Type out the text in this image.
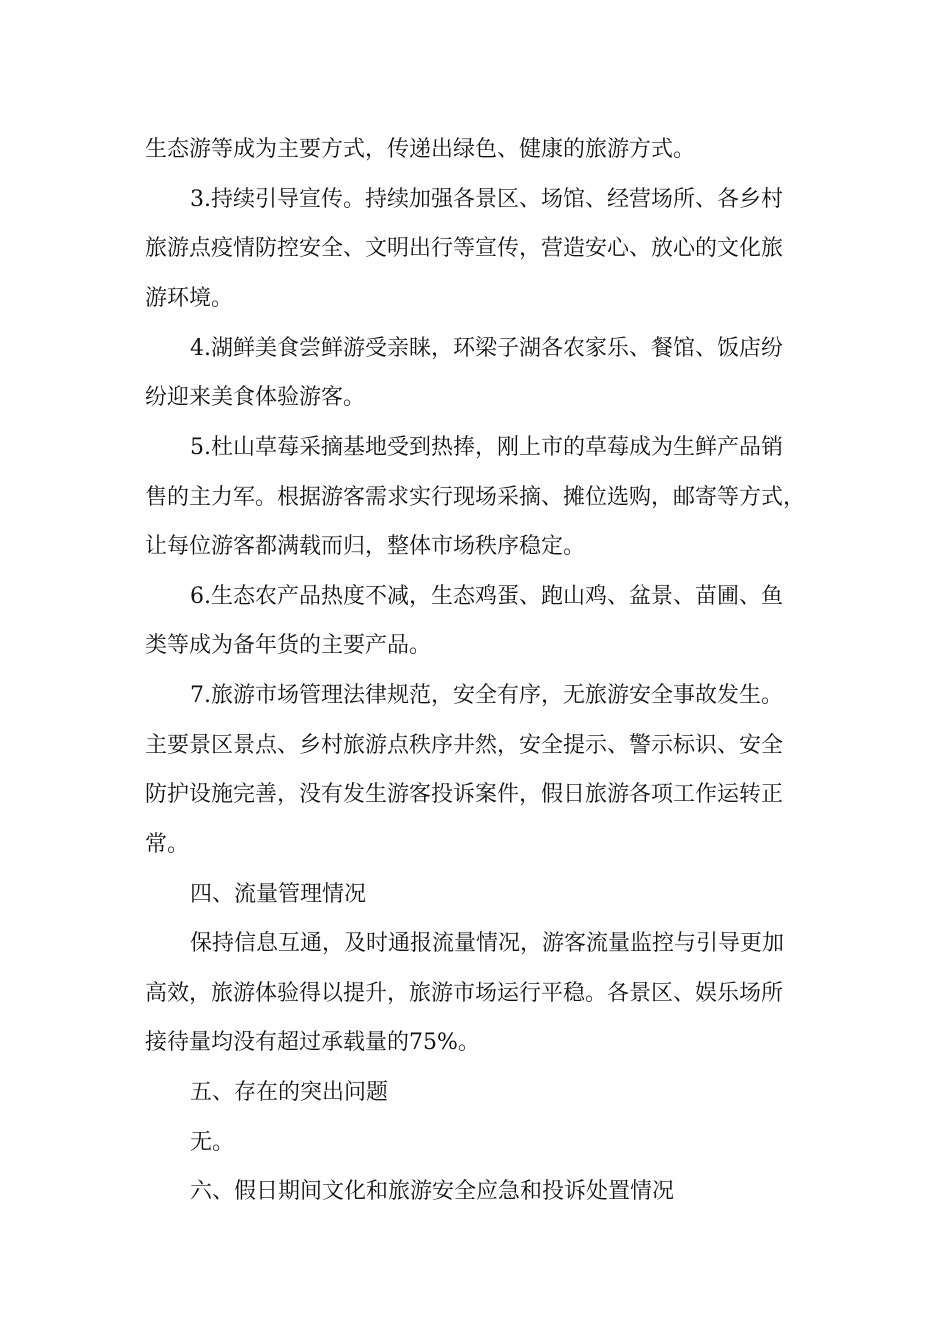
生态游等成为主要方式，传递出绿色、健康的旅游方式。
3.持续引导宣传。持续加强各景区、场馆、经营场所、各乡村
旅游点疫情防控安全、文明出行等宣传，营造安心、放心的文化旅
游环境。
4.湖鲜美食尝鲜游受亲睐，环梁子湖各农家乐、餐馆、饭店纷
纷迎来美食体验游客。
5.杜山草莓采摘基地受到热捧，刚上市的草莓成为生鲜产品销
售的主力军。根据游客需求实行现场采摘、摊位选购，邮寄等方式，
让每位游客都满载而归，整体市场秩序稳定。
6.生态农产品热度不减，生态鸡蛋、跑山鸡、盆景、苗圃、鱼
类等成为备年货的主要产品。
7.旅游市场管理法律规范，安全有序，无旅游安全事故发生。
主要景区景点、乡村旅游点秩序井然，安全提示、警示标识、安全
防护设施完善，没有发生游客投诉案件，假日旅游各项工作运转正
常。
四、流量管理情况
保持信息互通，及时通报流量情况，游客流量监控与引导更加
高效，旅游体验得以提升，旅游市场运行平稳。各景区、娱乐场所
接待量均没有超过承载量的75%。
五、存在的突出问题
无。
六、假日期间文化和旅游安全应急和投诉处置情况
